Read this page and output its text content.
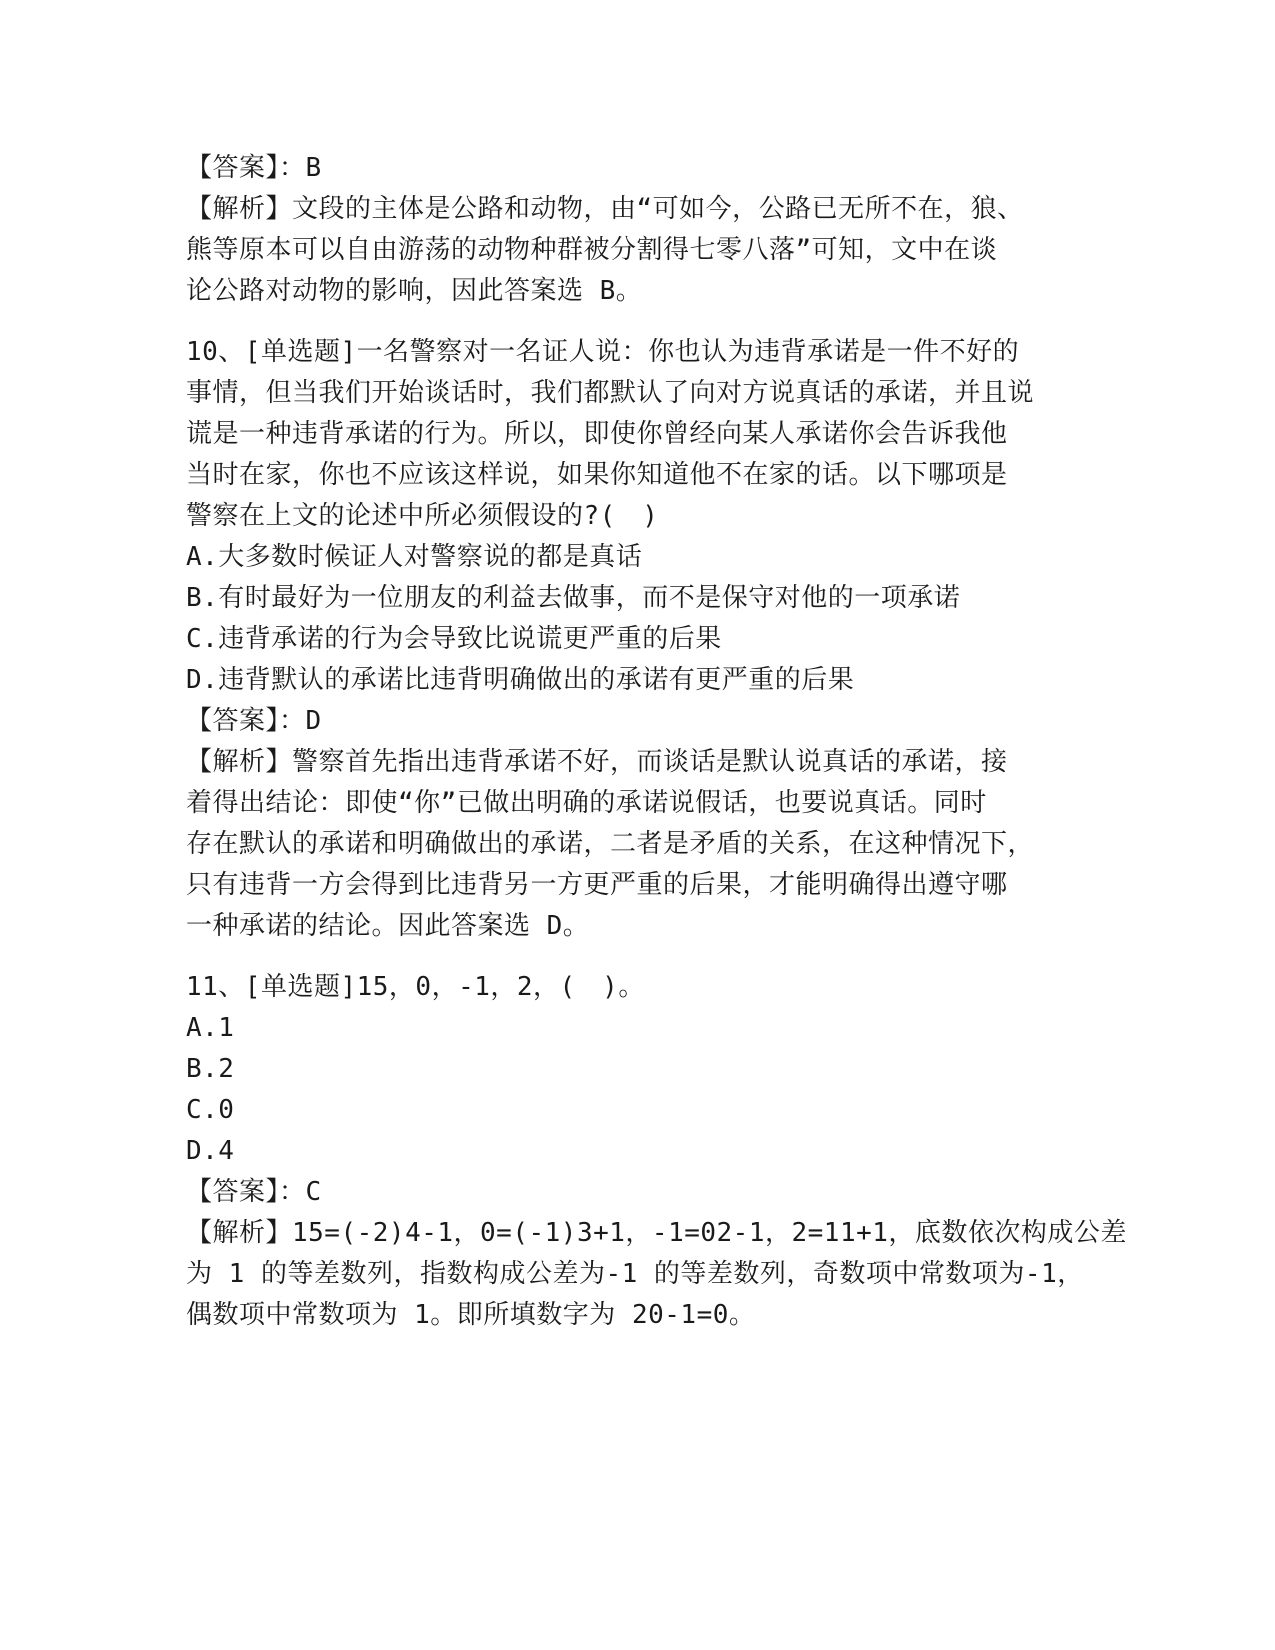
【答案】：B
【解析】文段的主体是公路和动物，由“可如今，公路已无所不在，狼、
熊等原本可以自由游荡的动物种群被分割得七零八落”可知，文中在谈
论公路对动物的影响，因此答案选 B。
10、[单选题]一名警察对一名证人说：你也认为违背承诺是一件不好的
事情，但当我们开始谈话时，我们都默认了向对方说真话的承诺，并且说
谎是一种违背承诺的行为。所以，即使你曾经向某人承诺你会告诉我他
当时在家，你也不应该这样说，如果你知道他不在家的话。以下哪项是
警察在上文的论述中所必须假设的?(　)
A.大多数时候证人对警察说的都是真话
B.有时最好为一位朋友的利益去做事，而不是保守对他的一项承诺
C.违背承诺的行为会导致比说谎更严重的后果
D.违背默认的承诺比违背明确做出的承诺有更严重的后果
【答案】：D
【解析】警察首先指出违背承诺不好，而谈话是默认说真话的承诺，接
着得出结论：即使“你”已做出明确的承诺说假话，也要说真话。同时
存在默认的承诺和明确做出的承诺，二者是矛盾的关系，在这种情况下，
只有违背一方会得到比违背另一方更严重的后果，才能明确得出遵守哪
一种承诺的结论。因此答案选 D。
11、[单选题]15，0，-1，2，(　)。
A.1
B.2
C.0
D.4
【答案】：C
【解析】15=(-2)4-1，0=(-1)3+1，-1=02-1，2=11+1，底数依次构成公差
为 1 的等差数列，指数构成公差为-1 的等差数列，奇数项中常数项为-1，
偶数项中常数项为 1。即所填数字为 20-1=0。
